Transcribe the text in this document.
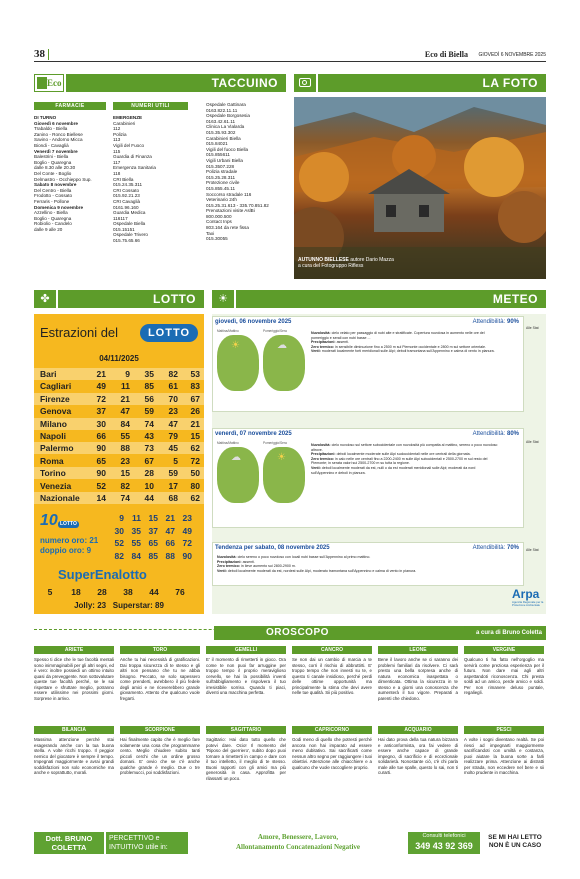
38	Eco di Biella GIOVEDÌ 6 NOVEMBRE 2025
Eco	TACCUINO
FARMACIE	NUMERI UTILI

DI TURNO

Giovedì 6 novembre

Trabaldo - Biella

Zanino - Ronco Biellese

Savino - Andorno Micca

Biondi - Cavaglià

Venerdì 7 novembre

Balestrini - Biella

Boglio - Quaregna

dalle 8.30 alle 20.30

Del Conte - Boglio

Delmastro - Occhieppo Sup.

Sabato 8 novembre

Del Centro - Biella

Frodotto - Cossato

Ferraris - Pollone

Domenica 9 novembre

Azzellino - Biella

Boglio - Quaregna

Robiolio - Candelo

dalle 9 alle 20

EMERGENZE

Carabinieri

112

Polizia

113

Vigili del Fuoco

115

Guardia di Finanza

117

Emergenza Sanitaria

118

CRI Biella

015.24.35.311

CRI Cossato

015.92.21.23

CRI Cavaglià

0161.96.160

Guardia Medica

116117

Ospedale Biella

015.15151

Ospedale Trivero

015.75.65.66

Ospedale Gattinara

0163.822.11.11

Ospedale Borgosesia

0163.42.61.11

Clinica La Vialarda

015.35.93.302

Carabinieri Biella

015.84021

Vigili del fuoco Biella

015.855611

Vigili Urbani Biella

015.3507.228

Polizia stradale

015.25.28.311

Protezione civile

015.855.45.11

Soccorso stradale 116

Veterinario 24h

015.25.31.613 - 335.70.851.82

Prenotazioni visite AslBi

800.000.500

Contact Inps

803.164 da rete fissa

Taxi

015.30055

LA FOTO
AUTUNNO BIELLESE autore Dario Mazza
a cura del Fotogruppo Rifless
✤	LOTTO	☀	METEO
Estrazioni del	LOTTO
04/11/2025
Bari	21	9	35	82	53
Cagliari	49	11	85	61	83
Firenze	72	21	56	70	67
Genova	37	47	59	23	26
Milano	30	84	74	47	21
Napoli	66	55	43	79	15
Palermo	90	88	73	45	62
Roma	65	23	67	5	72
Torino	90	15	28	59	50
Venezia	52	82	10	17	80
Nazionale	14	74	44	68	62
10 LOTTO
numero oro: 21
doppio oro: 9
9 11 15 21 23
30 35 37 47 49
52 55 65 66 72
82 84 85 88 90
SuperEnalotto
5	18	28	38	44	76
Jolly: 23 Superstar: 89
giovedì, 06 novembre 2025	Attendibilità: 90%
Mattina/Mattino	Pomeriggio/Sera
☀	☁

Nuvolosità: cielo velato per passaggio di nubi alte e stratificate. Copertura nuvolosa in aumento nelle ore del pomeriggio e serali con nubi basse ...

Precipitazioni: assenti.

Zero termico: in sensibile diminuzione fino a 2500 m sul Piemonte occidentale e 2800 m sul settore orientale.

Venti: moderati localmente forti meridionali sulle Alpi; deboli tramontana sull'Appennino e calma di vento in pianura.

venerdì, 07 novembre 2025	Attendibilità: 80%
Mattina/Mattino	Pomeriggio/Sera
☁	☀

Nuvolosità: cielo nuvoloso sul settore subocidentale con nuvolosità più compatta al mattino, sereno o poco nuvoloso altrove.

Precipitazioni: deboli localmente moderate sulle Alpi sudoccidentali nelle ore centrali della giornata.

Zero termico: in calo nelle ore centrali fino a 2200-2400 m sulle Alpi subocidentali e 2500-2700 m sul resto del Piemonte; in serata valori sui 2500-2700 m su tutta la regione.

Venti: deboli localmente moderati da est, nulli o da est moderati meridionali sulle Alpi; moderati da nord sull'Appennino e deboli in pianura.

Tendenza per sabato, 08 novembre 2025	Attendibilità: 70%

Nuvolosità: cielo sereno o poco nuvoloso con locali nubi basse sull'Appennino al primo mattino.

Precipitazioni: assenti.

Zero termico: in lieve aumento sui 2800-2900 m.

Venti: deboli localmente moderati da est, nordest sulle Alpi, moderato tramontana sull'Appennino e calma di vento in pianura.

Alle Stat
Alle Stat
Alle Stat
Arpa
Agenzia Regionale per la Protezione Ambientale
OROSCOPO	a cura di Bruno Coletta
ARIETE
Spesso ti dice che le tue facoltà mentali sono inimmaginabili per gli altri segni, ed è vero: inoltre possiedi un ottimo intuito quasi da preveggente. Non sottovalutare queste tue facoltà perché, se le sai rispettare e sfruttare meglio, potranno essere utilissime nei prossimi giorni. Sorprese in arrivo.
TORO
Anche tu hai necessità di gratificazioni. Dai troppa sicurezza di te stesso e gli altri non pensano che tu ne abbia bisogno. Peccato, se solo sapessero come prenderti, avrebbero il più fedele degli amici e ne riceverebbero grande giovamento. Attento che qualcuno vuole fregarti.
GEMELLI
E' il momento di rimetterti in gioco. Ora come te non puoi far arruggine per troppo tempo il proprio meraviglioso cervello, se hai la possibilità inventi sull'abbigliamento e rispolvera il tuo irresistibile sorriso. Quando ti piaci, diventi una macchina perfetta.
CANCRO
Se non dai un cambio di marcia a te stesso, corri il rischio di abbruttirti. E' troppo tempo che non investi su te, e questo ti canale insidioso, perché perdi delle ottime opportunità ma principalmente la stima che devi avere nelle tue qualità. Sii più positivo.
LEONE
Bene il lavoro anche se ci saranno dei problemi familiari da risolvere. Ci sarà presto una bella sorpresa anche di natura economica inaspettata o dimenticata. Ottima la sicurezza in te stesso e a giorni una conoscenza che aumenterà il tuo vigore. Preparati a parenti che chiedono.
VERGINE
Qualcuno ti ha fatto nell'orgoglio ma servirà come preziosa esperienza per il futuro. Non dare mai agli altri aspettandoti riconoscenza. Chi presta soldi ad un amico, perde amico e soldi. Per non rimanere deluso puntale, regaliegli.
BILANCIA
Massima attenzione perché stai esagerando anche con la tua buona stella. A volte ricchi troppo. Il peggior nemico del giocatore è sempre il tempo. Impegnati maggiormente e avrai grandi soddisfazioni non solo economiche ma anche e soprattutto, morali.
SCORPIONE
Hai finalmente capito che è meglio fare solamente una cosa che programmarne cento. Meglio chiudere subito tanti piccoli cerchi che un ordine grosso domani. E' ovvio che se c'è anche qualche grande è meglio. Due o tre problemucci, poi soddisfazioni.
SAGITTARIO
Sagittario: Hai dato tutto quello che potevi dare. Ocio! Il momento del 'Riposo del guerriero', subito dopo puoi tornare a rimetterti in campo e dare con il tuo intelletto, il meglio di te stesso. Buoni rapporti con gli amici ma più generosità in casa. Approfitta per rilassarti un poco.
CAPRICORNO
Godi meno di quello che potresti perché ancora non hai imparato ad essere meno dubitativo. Sai sacrificarti come nessun altro segno per raggiungere i tuoi obiettivi. Attenzione alle chiacchiere e a qualcuno che vuole raccogliere proprio.
ACQUARIO
Hai dato prova della tua natura bizzarra e anticonformista, ora fai vedere di essere anche capace di grande impegno, di sacrificio e di eccezionale solidarietà. Nonostante ciò, c'è chi parla male alle tue spalle, questo lo sai, non ti curarti.
PESCI
A volte i sogni diventano realtà. Se poi riesci ad impegnarti maggiormente sacrificandoti con umiltà e costanza, puoi aiutare la buona sorte a farli realizzare prima. Attenzione ai distratti per strada, non eccedere nel bere e sii molto prudente in macchina.
Dott. BRUNO
COLETTA
PERCETTIVO e
INTUITIVO utile in:
Amore, Benessere, Lavoro,
Allontanamento Concatenazioni Negative
Consulti telefonici
349 43 92 369
SE MI HAI LETTO
NON È UN CASO
